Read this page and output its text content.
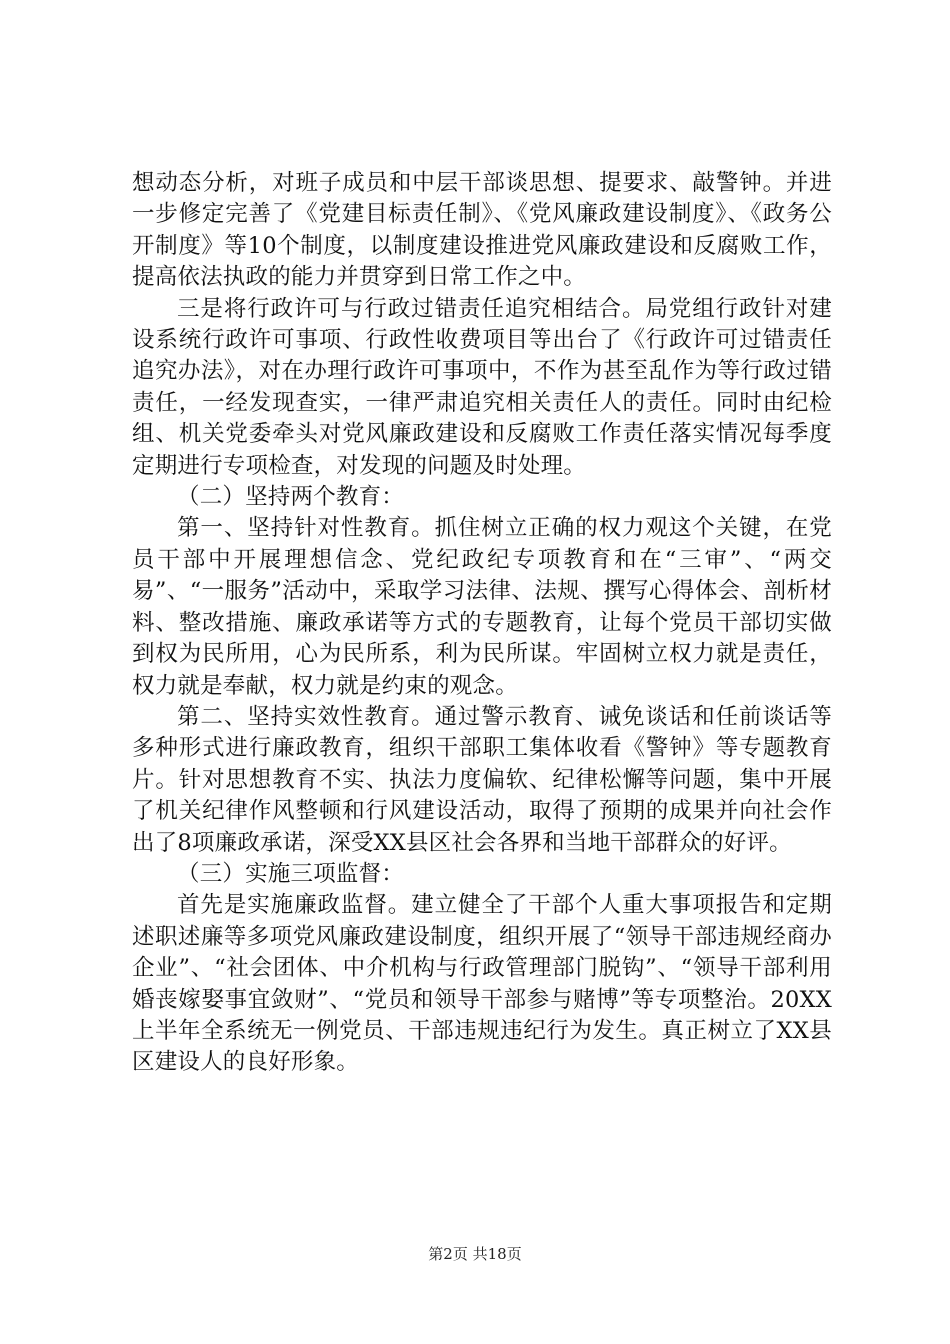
想动态分析，对班子成员和中层干部谈思想、提要求、敲警钟。并进一步修定完善了《党建目标责任制》、《党风廉政建设制度》、《政务公开制度》等10个制度，以制度建设推进党风廉政建设和反腐败工作，提高依法执政的能力并贯穿到日常工作之中。

三是将行政许可与行政过错责任追究相结合。局党组行政针对建设系统行政许可事项、行政性收费项目等出台了《行政许可过错责任追究办法》，对在办理行政许可事项中，不作为甚至乱作为等行政过错责任，一经发现查实，一律严肃追究相关责任人的责任。同时由纪检组、机关党委牵头对党风廉政建设和反腐败工作责任落实情况每季度定期进行专项检查，对发现的问题及时处理。

（二）坚持两个教育：

第一、坚持针对性教育。抓住树立正确的权力观这个关键，在党员干部中开展理想信念、党纪政纪专项教育和在“三审”、“两交易”、“一服务”活动中，采取学习法律、法规、撰写心得体会、剖析材料、整改措施、廉政承诺等方式的专题教育，让每个党员干部切实做到权为民所用，心为民所系，利为民所谋。牢固树立权力就是责任，权力就是奉献，权力就是约束的观念。

第二、坚持实效性教育。通过警示教育、诫免谈话和任前谈话等多种形式进行廉政教育，组织干部职工集体收看《警钟》等专题教育片。针对思想教育不实、执法力度偏软、纪律松懈等问题，集中开展了机关纪律作风整顿和行风建设活动，取得了预期的成果并向社会作出了8项廉政承诺，深受XX县区社会各界和当地干部群众的好评。

（三）实施三项监督：

首先是实施廉政监督。建立健全了干部个人重大事项报告和定期述职述廉等多项党风廉政建设制度，组织开展了“领导干部违规经商办企业”、“社会团体、中介机构与行政管理部门脱钩”、“领导干部利用婚丧嫁娶事宜敛财”、“党员和领导干部参与赌博”等专项整治。20XX上半年全系统无一例党员、干部违规违纪行为发生。真正树立了XX县区建设人的良好形象。

第2页 共18页
